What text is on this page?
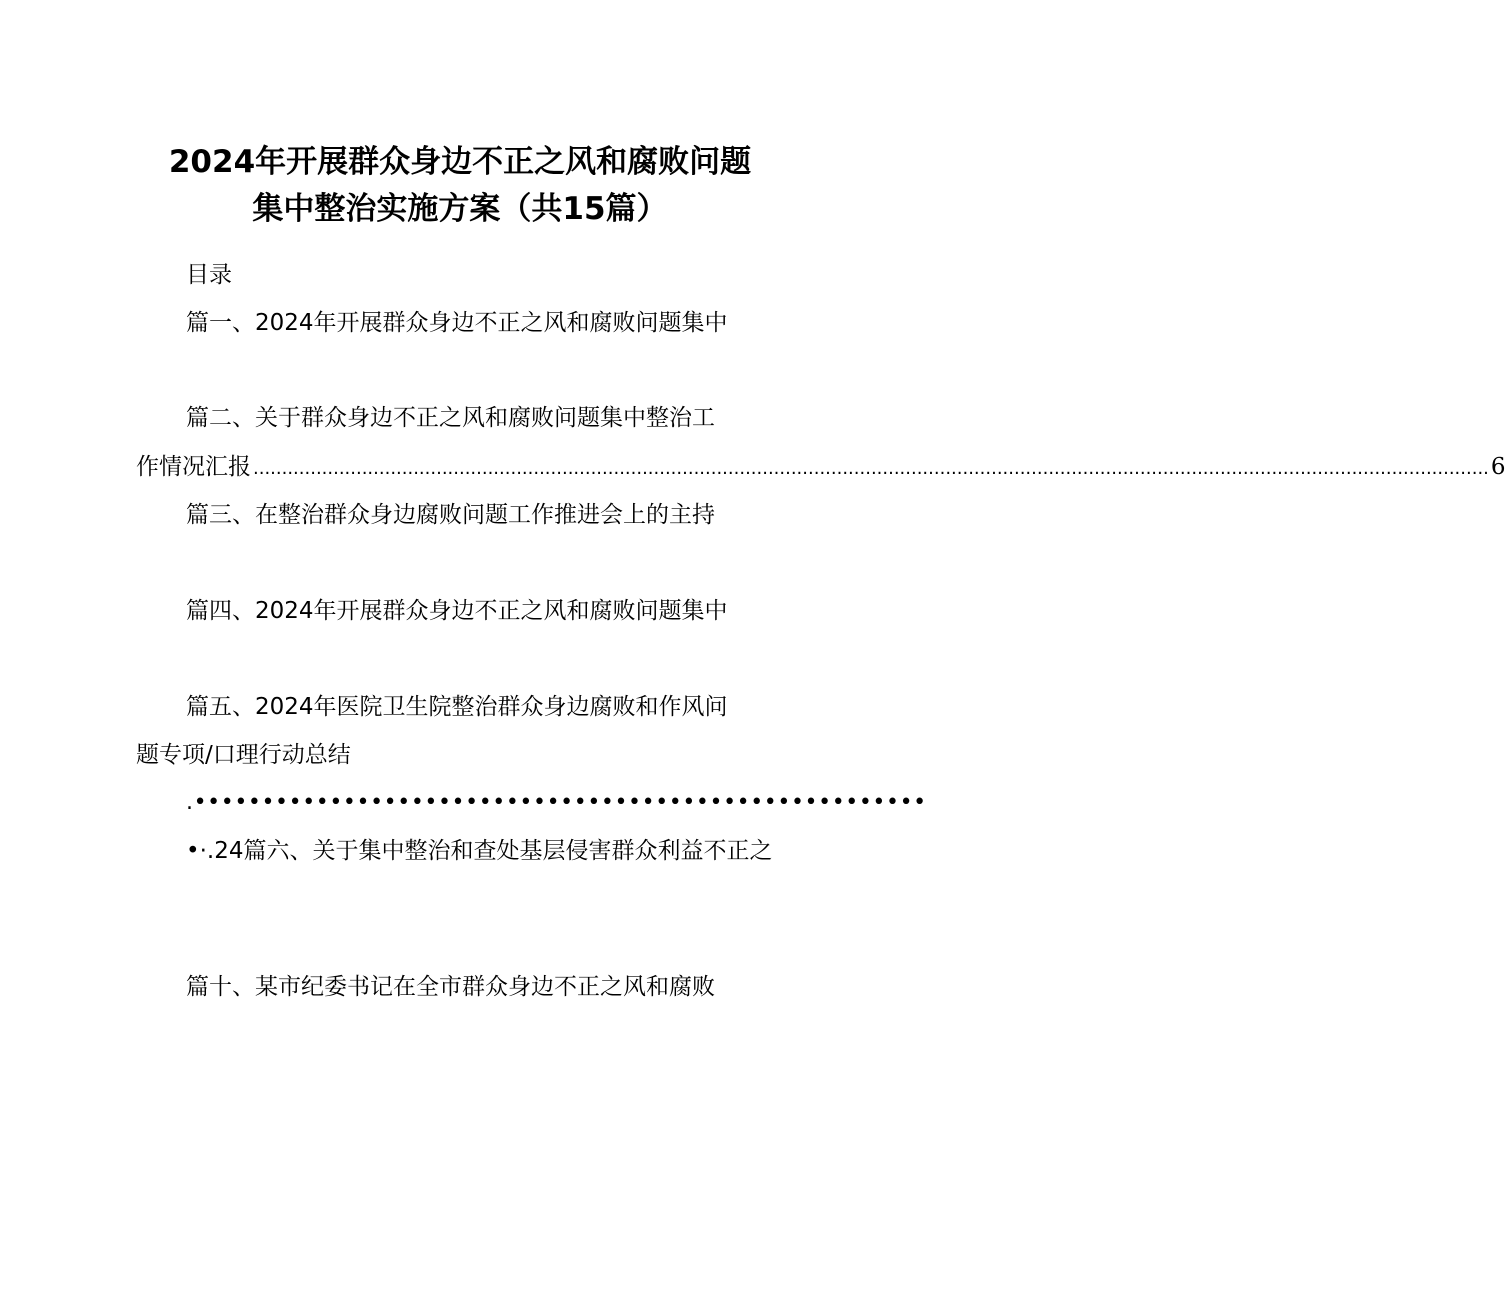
2024年开展群众身边不正之风和腐败问题
集中整治实施方案（共15篇）
目录
篇一、2024年开展群众身边不正之风和腐败问题集中
篇二、关于群众身边不正之风和腐败问题集中整治工
作情况汇报
.....	6
篇三、在整治群众身边腐败问题工作推进会上的主持
篇四、2024年开展群众身边不正之风和腐败问题集中
篇五、2024年医院卫生院整治群众身边腐败和作风问
题专项/口理行动总结
.••••••••••••••••••••••••••••••••••••••••••••••••••••••
•·.24篇六、关于集中整治和查处基层侵害群众利益不正之
篇十、某市纪委书记在全市群众身边不正之风和腐败
